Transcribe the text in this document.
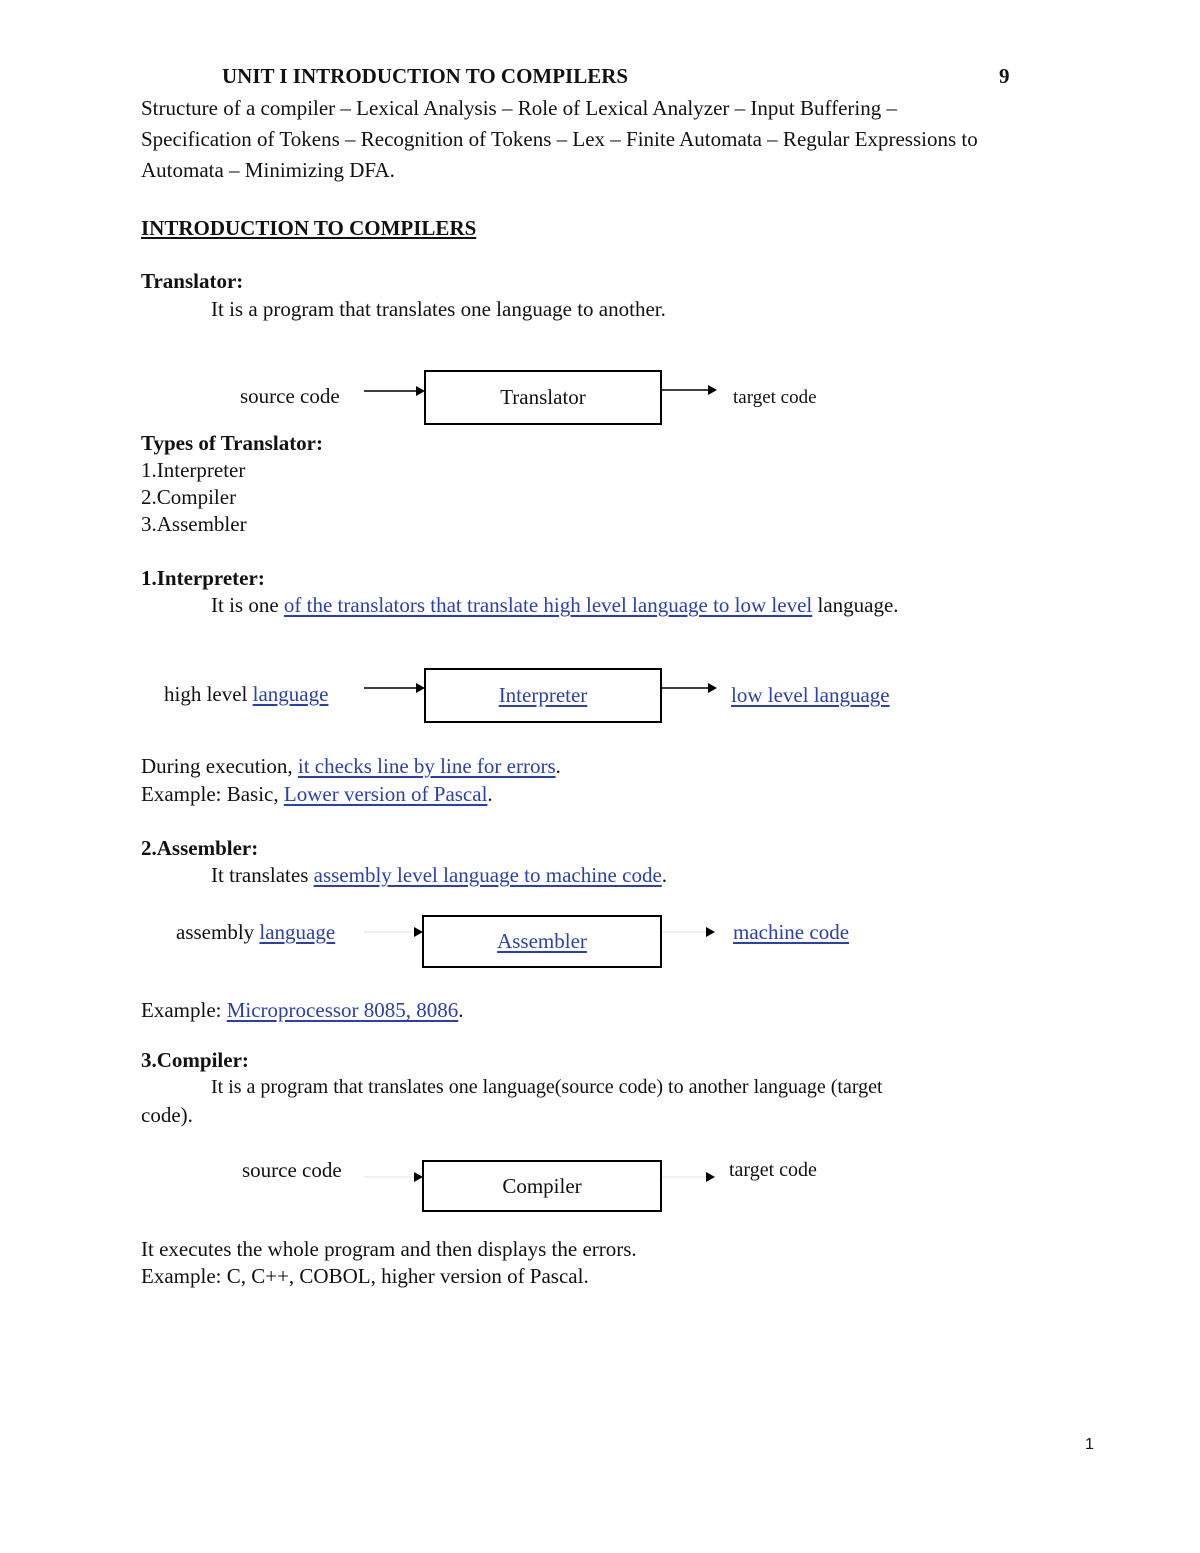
UNIT I INTRODUCTION TO COMPILERS	9
Structure of a compiler – Lexical Analysis – Role of Lexical Analyzer – Input Buffering –
Specification of Tokens – Recognition of Tokens – Lex – Finite Automata – Regular Expressions to
Automata – Minimizing DFA.
INTRODUCTION TO COMPILERS
Translator:
It is a program that translates one language to another.
source code	Translator	target code
Types of Translator:
1.Interpreter
2.Compiler
3.Assembler
1.Interpreter:
It is one of the translators that translate high level language to low level language.
high level language	Interpreter	low level language
During execution, it checks line by line for errors.
Example: Basic, Lower version of Pascal.
2.Assembler:
It translates assembly level language to machine code.
assembly language	Assembler	machine code
Example: Microprocessor 8085, 8086.
3.Compiler:
It is a program that translates one language(source code) to another language (target
code).
source code
Compiler
target code
It executes the whole program and then displays the errors.
Example: C, C++, COBOL, higher version of Pascal.
1
